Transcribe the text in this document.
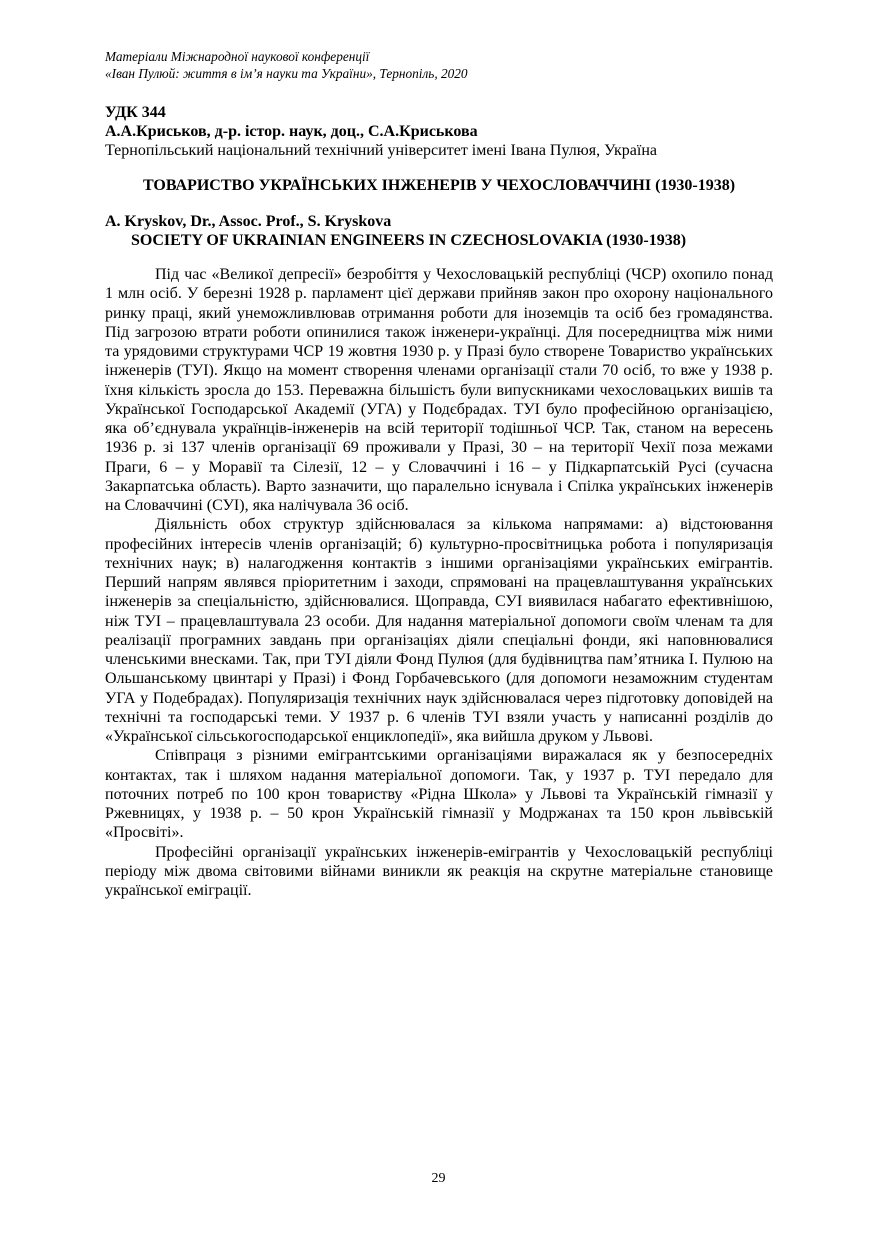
Матеріали Міжнародної наукової конференції
«Іван Пулюй: життя в ім’я науки та України», Тернопіль, 2020
УДК 344
А.А.Криськов, д-р. істор. наук, доц., С.А.Криськова
Тернопільський національний технічний університет імені Івана Пулюя, Україна
ТОВАРИСТВО УКРАЇНСЬКИХ ІНЖЕНЕРІВ У ЧЕХОСЛОВАЧЧИНІ (1930-1938)
A. Kryskov, Dr., Assoc. Prof., S. Kryskova
SOCIETY OF UKRAINIAN ENGINEERS IN CZECHOSLOVAKIA (1930-1938)

Під час «Великої депресії» безробіття у Чехословацькій республіці (ЧСР) охопило понад 1 млн осіб. У березні 1928 р. парламент цієї держави прийняв закон про охорону національного ринку праці, який унеможливлював отримання роботи для іноземців та осіб без громадянства. Під загрозою втрати роботи опинилися також інженери-українці. Для посередництва між ними та урядовими структурами ЧСР 19 жовтня 1930 р. у Празі було створене Товариство українських інженерів (ТУІ). Якщо на момент створення членами організації стали 70 осіб, то вже у 1938 р. їхня кількість зросла до 153. Переважна більшість були випускниками чехословацьких вишів та Української Господарської Академії (УГА) у Подєбрадах. ТУІ було професійною організацією, яка об’єднувала українців-інженерів на всій території тодішньої ЧСР. Так, станом на вересень 1936 р. зі 137 членів організації 69 проживали у Празі, 30 – на території Чехії поза межами Праги, 6 – у Моравії та Сілезії, 12 – у Словаччині і 16 – у Підкарпатській Русі (сучасна Закарпатська область). Варто зазначити, що паралельно існувала і Спілка українських інженерів на Словаччині (СУІ), яка налічувала 36 осіб.

Діяльність обох структур здійснювалася за кількома напрямами: а) відстоювання професійних інтересів членів організацій; б) культурно-просвітницька робота і популяризація технічних наук; в) налагодження контактів з іншими організаціями українських емігрантів. Перший напрям являвся пріоритетним і заходи, спрямовані на працевлаштування українських інженерів за спеціальністю, здійснювалися. Щоправда, СУІ виявилася набагато ефективнішою, ніж ТУІ – працевлаштувала 23 особи. Для надання матеріальної допомоги своїм членам та для реалізації програмних завдань при організаціях діяли спеціальні фонди, які наповнювалися членськими внесками. Так, при ТУІ діяли Фонд Пулюя (для будівництва пам’ятника І. Пулюю на Ольшанському цвинтарі у Празі) і Фонд Горбачевського (для допомоги незаможним студентам УГА у Подебрадах). Популяризація технічних наук здійснювалася через підготовку доповідей на технічні та господарські теми. У 1937 р. 6 членів ТУІ взяли участь у написанні розділів до «Української сільськогосподарської енциклопедії», яка вийшла друком у Львові.

Співпраця з різними емігрантськими організаціями виражалася як у безпосередніх контактах, так і шляхом надання матеріальної допомоги. Так, у 1937 р. ТУІ передало для поточних потреб по 100 крон товариству «Рідна Школа» у Львові та Українській гімназії у Ржевницях, у 1938 р. – 50 крон Українській гімназії у Модржанах та 150 крон львівській «Просвіті».

Професійні організації українських інженерів-емігрантів у Чехословацькій республіці періоду між двома світовими війнами виникли як реакція на скрутне матеріальне становище української еміграції.

29
